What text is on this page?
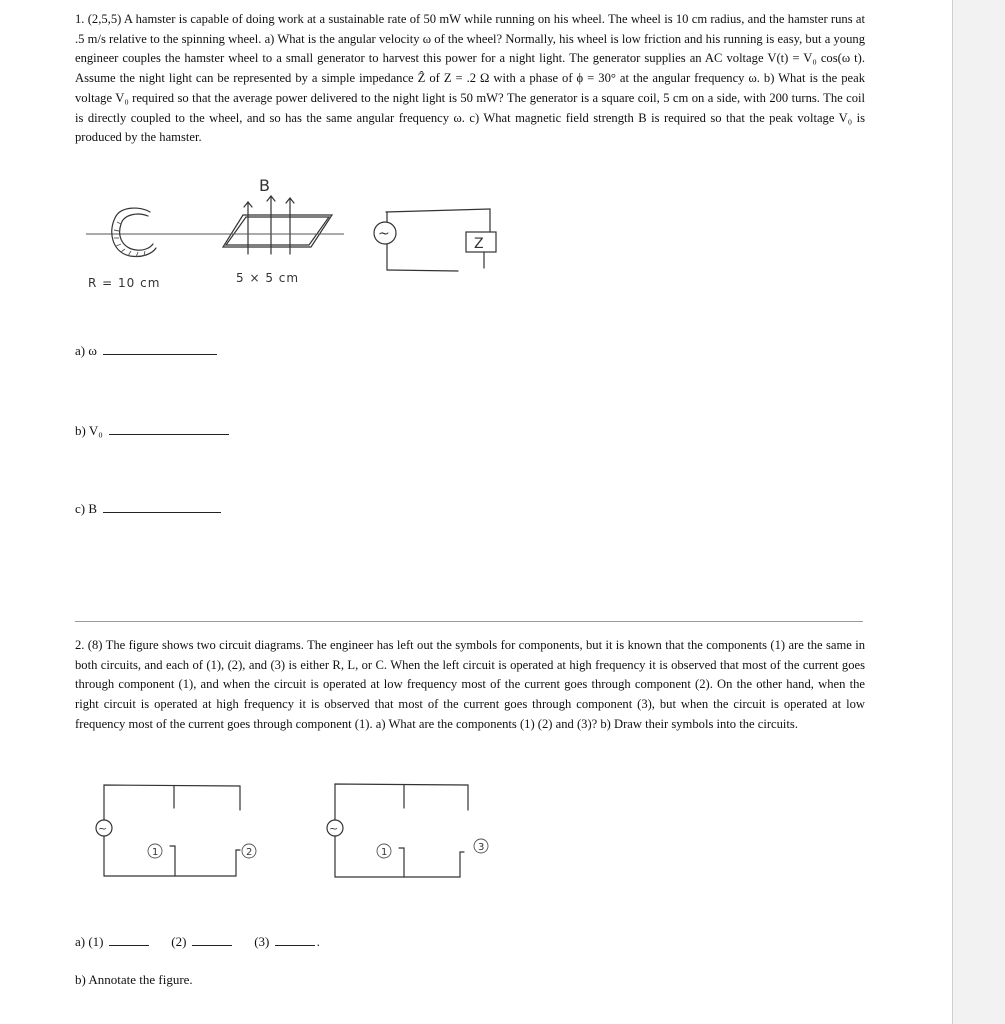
1. (2,5,5) A hamster is capable of doing work at a sustainable rate of 50 mW while running on his wheel. The wheel is 10 cm radius, and the hamster runs at .5 m/s relative to the spinning wheel. a) What is the angular velocity ω of the wheel? Normally, his wheel is low friction and his running is easy, but a young engineer couples the hamster wheel to a small generator to harvest this power for a night light. The generator supplies an AC voltage V(t) = V₀ cos(ω t). Assume the night light can be represented by a simple impedance Ẑ of Z = .2 Ω with a phase of ϕ = 30° at the angular frequency ω. b) What is the peak voltage V₀ required so that the average power delivered to the night light is 50 mW? The generator is a square coil, 5 cm on a side, with 200 turns. The coil is directly coupled to the wheel, and so has the same angular frequency ω. c) What magnetic field strength B is required so that the peak voltage V₀ is produced by the hamster.
R = 10 cm
B
5 × 5 cm
~
Z
a) ω
b) V₀
c) B
2. (8) The figure shows two circuit diagrams. The engineer has left out the symbols for components, but it is known that the components (1) are the same in both circuits, and each of (1), (2), and (3) is either R, L, or C. When the left circuit is operated at high frequency it is observed that most of the current goes through component (1), and when the circuit is operated at low frequency most of the current goes through component (2). On the other hand, when the right circuit is operated at high frequency it is observed that most of the current goes through component (3), but when the circuit is operated at low frequency most of the current goes through component (1). a) What are the components (1) (2) and (3)? b) Draw their symbols into the circuits.
~
1	2
~
1	3
a) (1)	(2)	(3)	.
b) Annotate the figure.
